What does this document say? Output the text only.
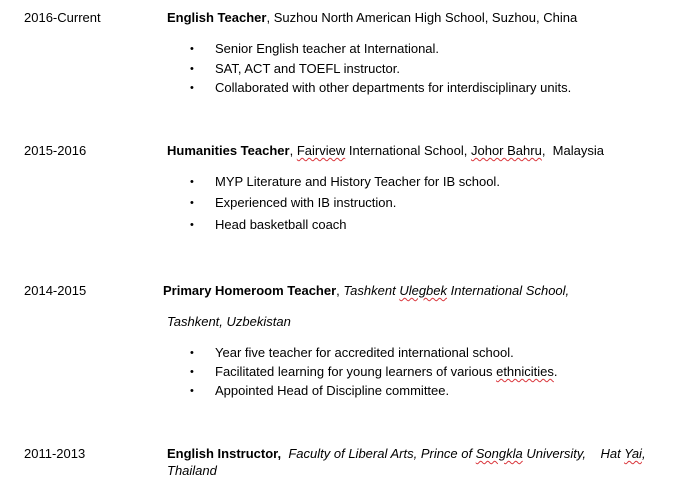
2016-Current	English Teacher, Suzhou North American High School, Suzhou, China
• Senior English teacher at International.
• SAT, ACT and TOEFL instructor.
• Collaborated with other departments for interdisciplinary units.
2015-2016	Humanities Teacher, Fairview International School, Johor Bahru,  Malaysia
• MYP Literature and History Teacher for IB school.
• Experienced with IB instruction.
• Head basketball coach
2014-2015	Primary Homeroom Teacher, Tashkent Ulegbek International School,
Tashkent, Uzbekistan
• Year five teacher for accredited international school.
• Facilitated learning for young learners of various ethnicities.
• Appointed Head of Discipline committee.
2011-2013	English Instructor, Faculty of Liberal Arts, Prince of Songkla University,    Hat Yai,
Thailand
